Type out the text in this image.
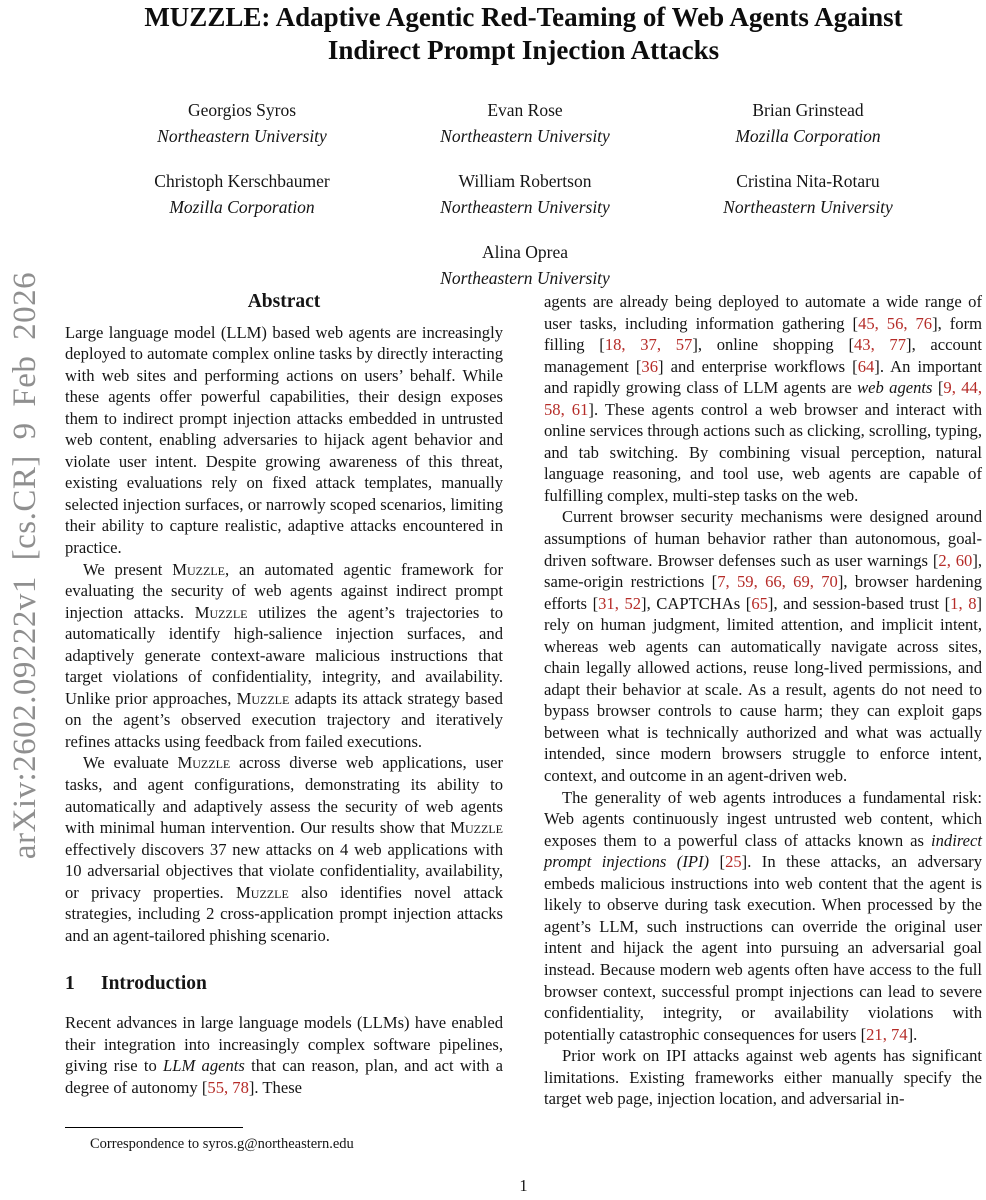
arXiv:2602.09222v1 [cs.CR] 9 Feb 2026
MUZZLE: Adaptive Agentic Red-Teaming of Web Agents Against
Indirect Prompt Injection Attacks
Georgios Syros
Northeastern University
Evan Rose
Northeastern University
Brian Grinstead
Mozilla Corporation
Christoph Kerschbaumer
Mozilla Corporation
William Robertson
Northeastern University
Cristina Nita-Rotaru
Northeastern University
Alina Oprea
Northeastern University
Abstract

Large language model (LLM) based web agents are increasingly deployed to automate complex online tasks by directly interacting with web sites and performing actions on users’ behalf. While these agents offer powerful capabilities, their design exposes them to indirect prompt injection attacks embedded in untrusted web content, enabling adversaries to hijack agent behavior and violate user intent. Despite growing awareness of this threat, existing evaluations rely on fixed attack templates, manually selected injection surfaces, or narrowly scoped scenarios, limiting their ability to capture realistic, adaptive attacks encountered in practice.

We present Muzzle, an automated agentic framework for evaluating the security of web agents against indirect prompt injection attacks. Muzzle utilizes the agent’s trajectories to automatically identify high-salience injection surfaces, and adaptively generate context-aware malicious instructions that target violations of confidentiality, integrity, and availability. Unlike prior approaches, Muzzle adapts its attack strategy based on the agent’s observed execution trajectory and iteratively refines attacks using feedback from failed executions.

We evaluate Muzzle across diverse web applications, user tasks, and agent configurations, demonstrating its ability to automatically and adaptively assess the security of web agents with minimal human intervention. Our results show that Muzzle effectively discovers 37 new attacks on 4 web applications with 10 adversarial objectives that violate confidentiality, availability, or privacy properties. Muzzle also identifies novel attack strategies, including 2 cross-application prompt injection attacks and an agent-tailored phishing scenario.

1 Introduction

Recent advances in large language models (LLMs) have enabled their integration into increasingly complex software pipelines, giving rise to LLM agents that can reason, plan, and act with a degree of autonomy [55, 78]. These

agents are already being deployed to automate a wide range of user tasks, including information gathering [45, 56, 76], form filling [18, 37, 57], online shopping [43, 77], account management [36] and enterprise workflows [64]. An important and rapidly growing class of LLM agents are web agents [9, 44, 58, 61]. These agents control a web browser and interact with online services through actions such as clicking, scrolling, typing, and tab switching. By combining visual perception, natural language reasoning, and tool use, web agents are capable of fulfilling complex, multi-step tasks on the web.

Current browser security mechanisms were designed around assumptions of human behavior rather than autonomous, goal-driven software. Browser defenses such as user warnings [2, 60], same-origin restrictions [7, 59, 66, 69, 70], browser hardening efforts [31, 52], CAPTCHAs [65], and session-based trust [1, 8] rely on human judgment, limited attention, and implicit intent, whereas web agents can automatically navigate across sites, chain legally allowed actions, reuse long-lived permissions, and adapt their behavior at scale. As a result, agents do not need to bypass browser controls to cause harm; they can exploit gaps between what is technically authorized and what was actually intended, since modern browsers struggle to enforce intent, context, and outcome in an agent-driven web.

The generality of web agents introduces a fundamental risk: Web agents continuously ingest untrusted web content, which exposes them to a powerful class of attacks known as indirect prompt injections (IPI) [25]. In these attacks, an adversary embeds malicious instructions into web content that the agent is likely to observe during task execution. When processed by the agent’s LLM, such instructions can override the original user intent and hijack the agent into pursuing an adversarial goal instead. Because modern web agents often have access to the full browser context, successful prompt injections can lead to severe confidentiality, integrity, or availability violations with potentially catastrophic consequences for users [21, 74].

Prior work on IPI attacks against web agents has significant limitations. Existing frameworks either manually specify the target web page, injection location, and adversarial in-

Correspondence to syros.g@northeastern.edu
1
